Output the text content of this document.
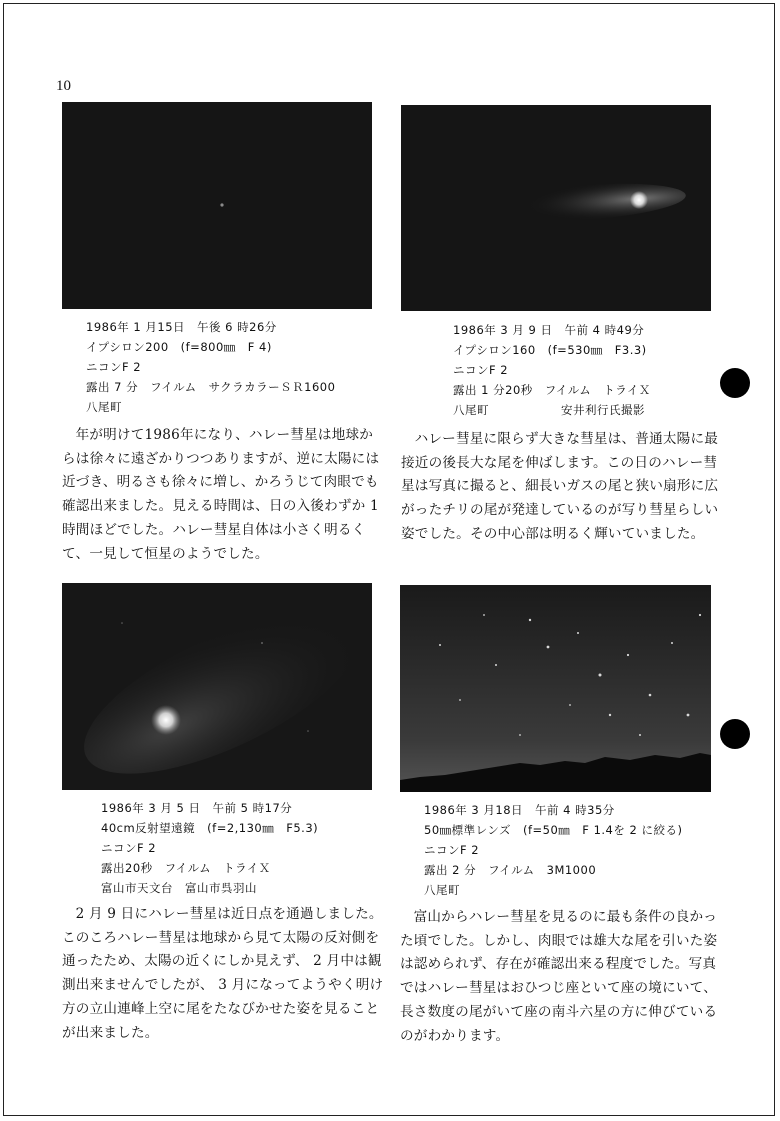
10
1986年 1 月15日　午後 6 時26分
イプシロン200　(f=800㎜　F 4)
ニコンF 2
露出 7 分　フイルム　サクラカラーＳＲ1600
八尾町

年が明けて1986年になり、ハレー彗星は地球からは徐々に遠ざかりつつありますが、逆に太陽には近づき、明るさも徐々に増し、かろうじて肉眼でも確認出来ました。見える時間は、日の入後わずか 1 時間ほどでした。ハレー彗星自体は小さく明るくて、一見して恒星のようでした。

1986年 3 月 9 日　午前 4 時49分
イプシロン160　(f=530㎜　F3.3)
ニコンF 2
露出 1 分20秒　フイルム　トライＸ
八尾町　　　　　　安井利行氏撮影

ハレー彗星に限らず大きな彗星は、普通太陽に最接近の後長大な尾を伸ばします。この日のハレー彗星は写真に撮ると、細長いガスの尾と狭い扇形に広がったチリの尾が発達しているのが写り彗星らしい姿でした。その中心部は明るく輝いていました。

1986年 3 月 5 日　午前 5 時17分
40cm反射望遠鏡　(f=2,130㎜　F5.3)
ニコンF 2
露出20秒　フイルム　トライＸ
富山市天文台　富山市呉羽山

2 月 9 日にハレー彗星は近日点を通過しました。このころハレー彗星は地球から見て太陽の反対側を通ったため、太陽の近くにしか見えず、 2 月中は観測出来ませんでしたが、 3 月になってようやく明け方の立山連峰上空に尾をたなびかせた姿を見ることが出来ました。

1986年 3 月18日　午前 4 時35分
50㎜標準レンズ　(f=50㎜　F 1.4を 2 に絞る)
ニコンF 2
露出 2 分　フイルム　3M1000
八尾町

富山からハレー彗星を見るのに最も条件の良かった頃でした。しかし、肉眼では雄大な尾を引いた姿は認められず、存在が確認出来る程度でした。写真ではハレー彗星はおひつじ座といて座の境にいて、長さ数度の尾がいて座の南斗六星の方に伸びているのがわかります。
